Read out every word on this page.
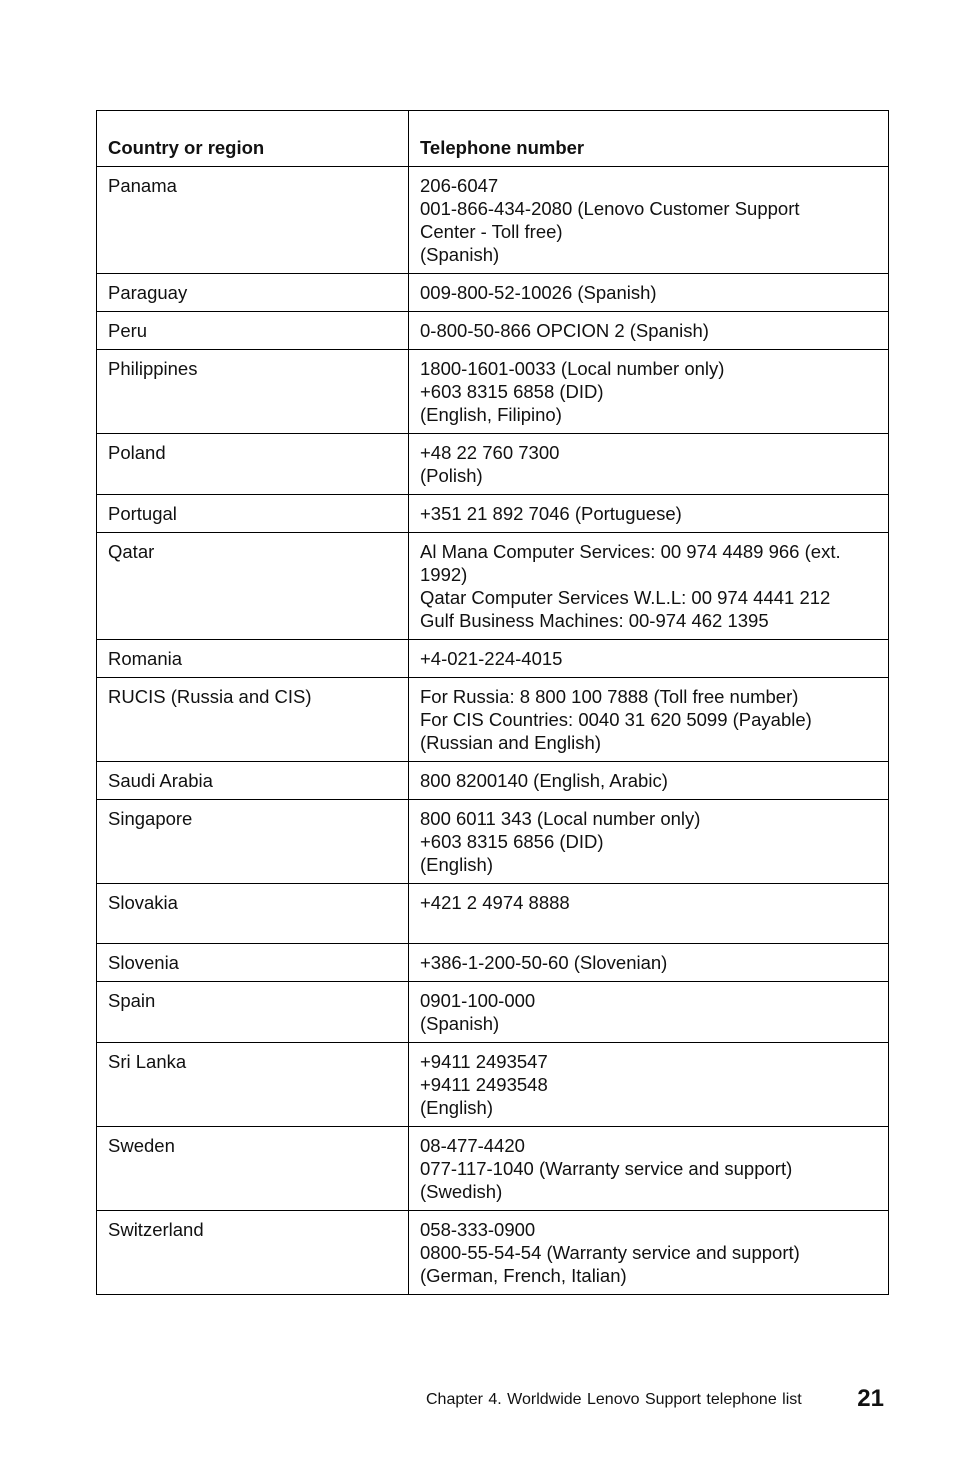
Country or region	Telephone number
Panama	206-6047
001-866-434-2080 (Lenovo Customer Support
Center - Toll free)
(Spanish)

Paraguay	009-800-52-10026 (Spanish)

Peru	0-800-50-866 OPCION 2 (Spanish)

Philippines	1800-1601-0033 (Local number only)
+603 8315 6858 (DID)
(English, Filipino)

Poland	+48 22 760 7300
(Polish)

Portugal	+351 21 892 7046 (Portuguese)

Qatar	Al Mana Computer Services: 00 974 4489 966 (ext.
1992)
Qatar Computer Services W.L.L: 00 974 4441 212
Gulf Business Machines: 00-974 462 1395

Romania	+4-021-224-4015

RUCIS (Russia and CIS)	For Russia: 8 800 100 7888 (Toll free number)
For CIS Countries: 0040 31 620 5099 (Payable)
(Russian and English)

Saudi Arabia	800 8200140 (English, Arabic)

Singapore	800 6011 343 (Local number only)
+603 8315 6856 (DID)
(English)

Slovakia	+421 2 4974 8888

Slovenia	+386-1-200-50-60 (Slovenian)

Spain	0901-100-000
(Spanish)

Sri Lanka	+9411 2493547
+9411 2493548
(English)

Sweden	08-477-4420
077-117-1040 (Warranty service and support)
(Swedish)

Switzerland	058-333-0900
0800-55-54-54 (Warranty service and support)
(German, French, Italian)
Chapter 4. Worldwide Lenovo Support telephone list 21
